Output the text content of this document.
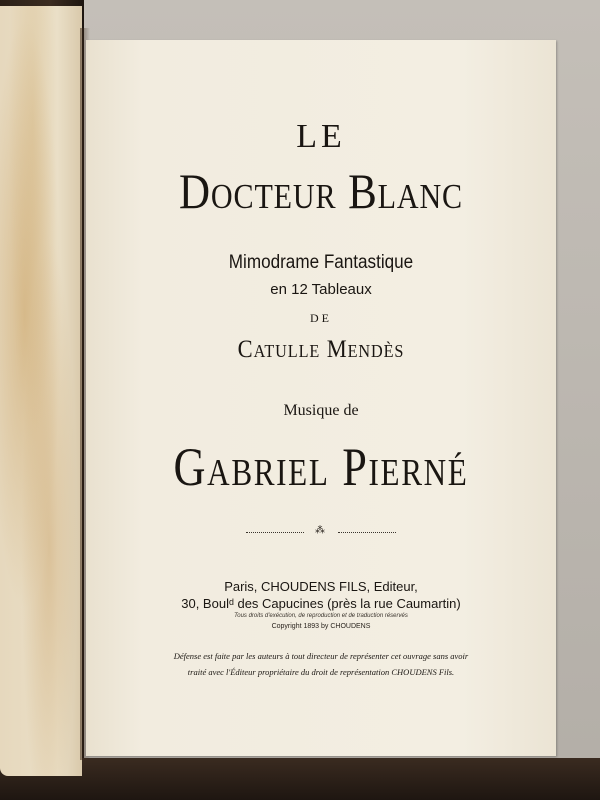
LE
Docteur Blanc
Mimodrame Fantastique
en 12 Tableaux
DE
Catulle Mendès
Musique de
Gabriel Pierné
⁂
Paris, CHOUDENS FILS, Editeur,
30, Boulᵈ des Capucines (près la rue Caumartin)
Tous droits d'exécution, de reproduction et de traduction réservés
Copyright 1893 by CHOUDENS
Défense est faite par les auteurs à tout directeur de représenter cet ouvrage sans avoir
traité avec l'Éditeur propriétaire du droit de représentation CHOUDENS Fils.
